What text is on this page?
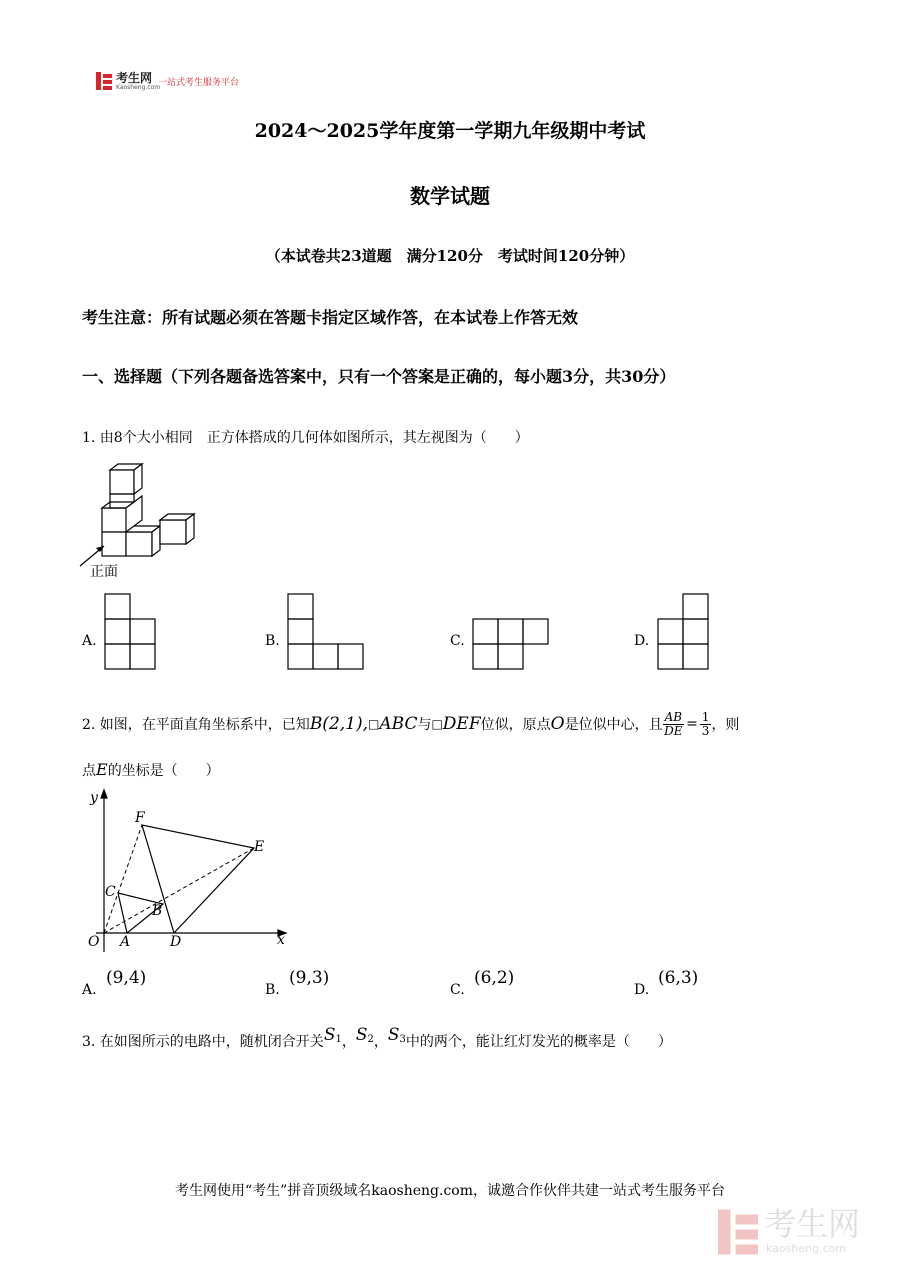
考生网
Kaosheng.com
一站式考生服务平台
2024～2025学年度第一学期九年级期中考试
数学试题
（本试卷共23道题　满分120分　考试时间120分钟）
考生注意：所有试题必须在答题卡指定区域作答，在本试卷上作答无效
一、选择题（下列各题备选答案中，只有一个答案是正确的，每小题3分，共30分）
1. 由8个大小相同　正方体搭成的几何体如图所示，其左视图为（　　）
正面
A.	B.	C.	D.
2. 如图，在平面直角坐标系中，已知 B(2,1), □ ABC 与 □ DEF 位似，原点 O 是位似中心，且 $\frac{AB}{DE} = \frac{1}{3}$ ，则
点E的坐标是（　　）
y
x
O A	D
B
C
E
F
A.
(9,4)
B.
(9,3)
C.
(6,2)
D.
(6,3)
3. 在如图所示的电路中，随机闭合开关 $S_1$ ， $S_2$ ， $S_3$ 中的两个，能让红灯发光的概率是（　　）
考生网使用“考生”拼音顶级域名kaosheng.com，诚邀合作伙伴共建一站式考生服务平台
考生网
kaosheng.com
